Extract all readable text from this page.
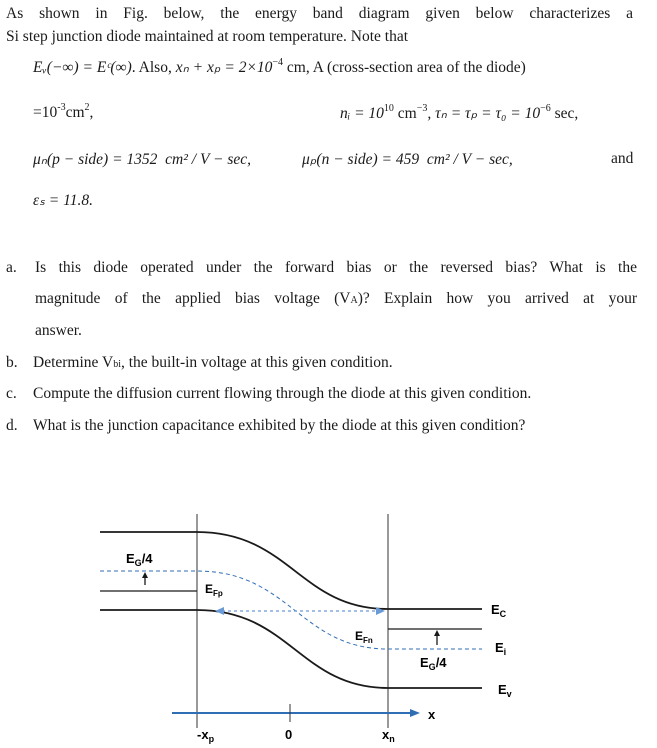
As shown in Fig. below, the energy band diagram given below characterizes a
Si step junction diode maintained at room temperature. Note that
Eᵥ(−∞) = Eᶜ(∞). Also, $x_n + x_p = 2\times 10^{-4}$ cm, A (cross-section area of the diode)
$=10^{-3}cm^2$,	nᵢ = $10^{10}$ $cm^{-3}$, $\tau_n = \tau_p = \tau_0 = 10^{-6}$ sec,
μₙ(p − side) = 1352 cm² / V − sec,	μₚ(n − side) = 459 cm² / V − sec,	and
εₛ = 11.8.
a. Is this diode operated under the forward bias or the reversed bias? What is the
magnitude of the applied bias voltage (VA)? Explain how you arrived at your
answer.
b. Determine Vbi, the built-in voltage at this given condition.
c. Compute the diffusion current flowing through the diode at this given condition.
d. What is the junction capacitance exhibited by the diode at this given condition?
$E_G/4$
$E_{Fp}$
$E_{Fn}$
$E_G/4$
$E_C$
$E_i$
$E_v$
x
$-x_p$	0	$x_n$
